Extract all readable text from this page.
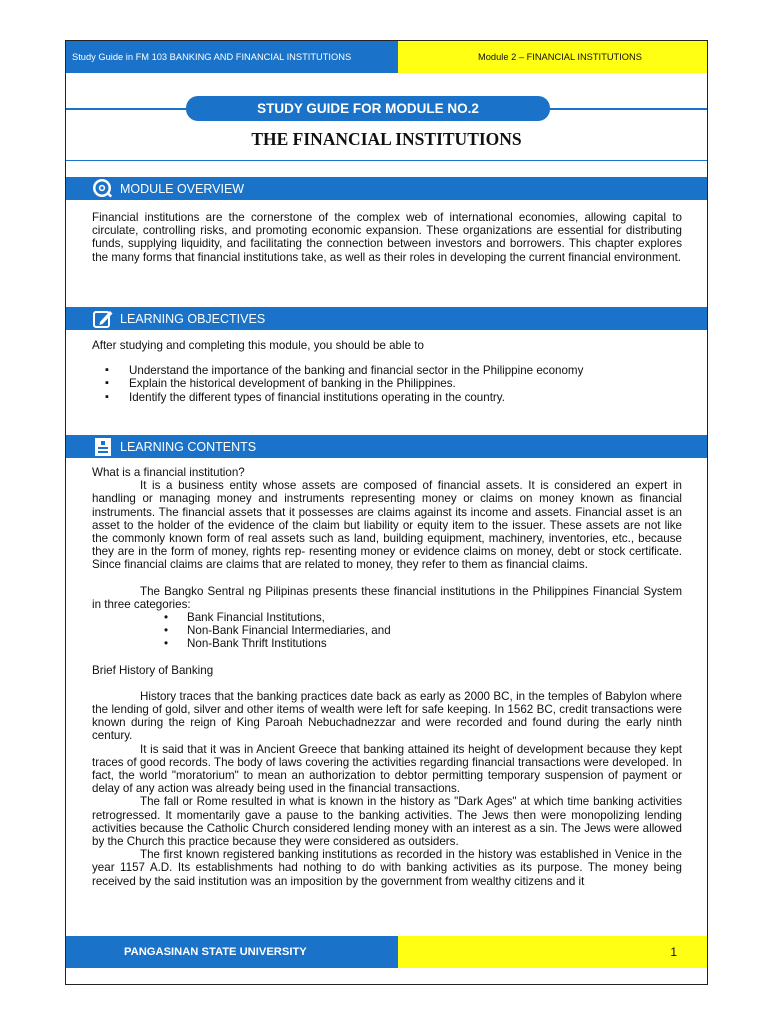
Study Guide in FM 103 BANKING AND FINANCIAL INSTITUTIONS	Module 2 – FINANCIAL INSTITUTIONS
STUDY GUIDE FOR MODULE NO.2
THE FINANCIAL INSTITUTIONS
MODULE OVERVIEW

Financial institutions are the cornerstone of the complex web of international economies, allowing capital to circulate, controlling risks, and promoting economic expansion. These organizations are essential for distributing funds, supplying liquidity, and facilitating the connection between investors and borrowers. This chapter explores the many forms that financial institutions take, as well as their roles in developing the current financial environment.

LEARNING OBJECTIVES

After studying and completing this module, you should be able to

▪ Understand the importance of the banking and financial sector in the Philippine economy
▪ Explain the historical development of banking in the Philippines.
▪ Identify the different types of financial institutions operating in the country.
LEARNING CONTENTS

What is a financial institution?

It is a business entity whose assets are composed of financial assets. It is considered an expert in handling or managing money and instruments representing money or claims on money known as financial instruments. The financial assets that it possesses are claims against its income and assets. Financial asset is an asset to the holder of the evidence of the claim but liability or equity item to the issuer. These assets are not like the commonly known form of real assets such as land, building equipment, machinery, inventories, etc., because they are in the form of money, rights rep- resenting money or evidence claims on money, debt or stock certificate. Since financial claims are claims that are related to money, they refer to them as financial claims.

The Bangko Sentral ng Pilipinas presents these financial institutions in the Philippines Financial System in three categories:

• Bank Financial Institutions,
• Non-Bank Financial Intermediaries, and
• Non-Bank Thrift Institutions

Brief History of Banking

History traces that the banking practices date back as early as 2000 BC, in the temples of Babylon where the lending of gold, silver and other items of wealth were left for safe keeping. In 1562 BC, credit transactions were known during the reign of King Paroah Nebuchadnezzar and were recorded and found during the early ninth century.

It is said that it was in Ancient Greece that banking attained its height of development because they kept traces of good records. The body of laws covering the activities regarding financial transactions were developed. In fact, the world "moratorium" to mean an authorization to debtor permitting temporary suspension of payment or delay of any action was already being used in the financial transactions.

The fall or Rome resulted in what is known in the history as "Dark Ages" at which time banking activities retrogressed. It momentarily gave a pause to the banking activities. The Jews then were monopolizing lending activities because the Catholic Church considered lending money with an interest as a sin. The Jews were allowed by the Church this practice because they were considered as outsiders.

The first known registered banking institutions as recorded in the history was established in Venice in the year 1157 A.D. Its establishments had nothing to do with banking activities as its purpose. The money being received by the said institution was an imposition by the government from wealthy citizens and it

PANGASINAN STATE UNIVERSITY	1
